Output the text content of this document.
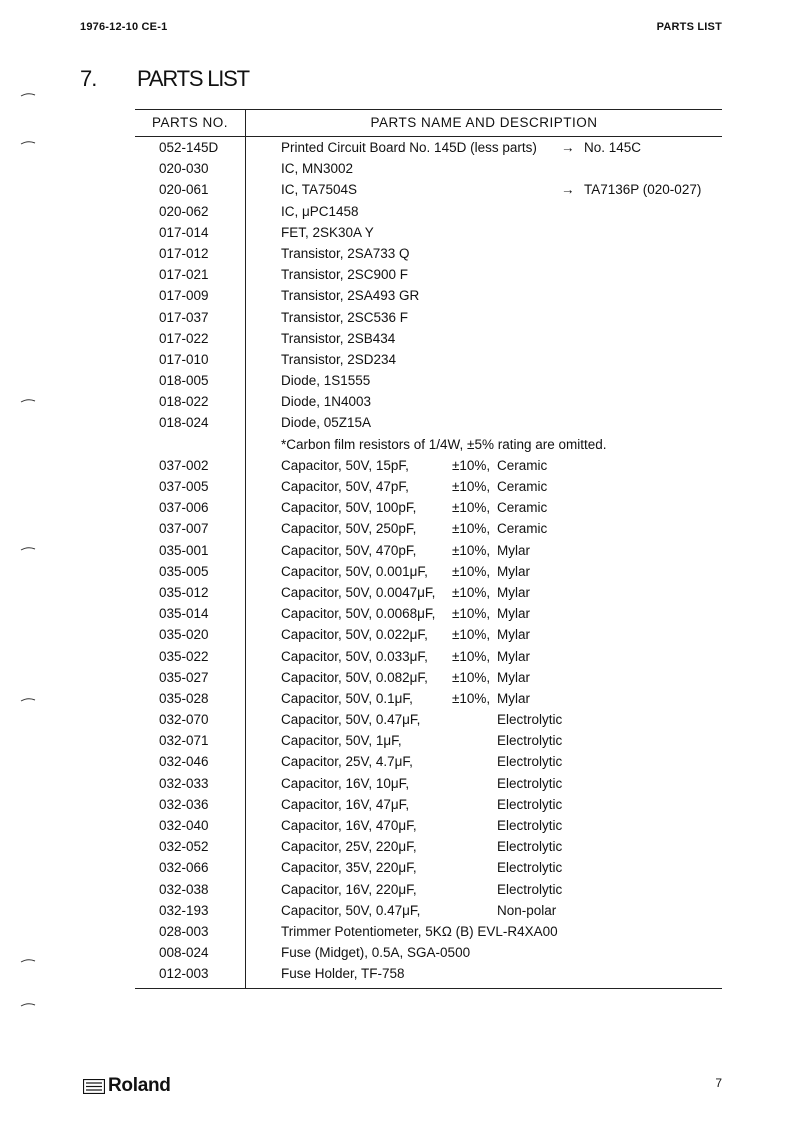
1976-12-10 CE-1	PARTS LIST
7. PARTS LIST
PARTS NO.	PARTS NAME AND DESCRIPTION
052-145D	Printed Circuit Board No. 145D (less parts) → No. 145C
020-030	IC, MN3002
020-061	IC, TA7504S	→ TA7136P (020-027)
020-062	IC, μPC1458
017-014	FET, 2SK30A Y
017-012	Transistor, 2SA733 Q
017-021	Transistor, 2SC900 F
017-009	Transistor, 2SA493 GR
017-037	Transistor, 2SC536 F
017-022	Transistor, 2SB434
017-010	Transistor, 2SD234
018-005	Diode, 1S1555
018-022	Diode, 1N4003
018-024	Diode, 05Z15A
*Carbon film resistors of 1/4W, ±5% rating are omitted.
037-002	Capacitor, 50V, 15pF,	±10%, Ceramic
037-005	Capacitor, 50V, 47pF,	±10%, Ceramic
037-006	Capacitor, 50V, 100pF,	±10%, Ceramic
037-007	Capacitor, 50V, 250pF,	±10%, Ceramic
035-001	Capacitor, 50V, 470pF,	±10%, Mylar
035-005	Capacitor, 50V, 0.001μF, ±10%, Mylar
035-012	Capacitor, 50V, 0.0047μF, ±10%, Mylar
035-014	Capacitor, 50V, 0.0068μF, ±10%, Mylar
035-020	Capacitor, 50V, 0.022μF, ±10%, Mylar
035-022	Capacitor, 50V, 0.033μF, ±10%, Mylar
035-027	Capacitor, 50V, 0.082μF, ±10%, Mylar
035-028	Capacitor, 50V, 0.1μF,	±10%, Mylar
032-070	Capacitor, 50V, 0.47μF,	Electrolytic
032-071	Capacitor, 50V, 1μF,	Electrolytic
032-046	Capacitor, 25V, 4.7μF,	Electrolytic
032-033	Capacitor, 16V, 10μF,	Electrolytic
032-036	Capacitor, 16V, 47μF,	Electrolytic
032-040	Capacitor, 16V, 470μF,	Electrolytic
032-052	Capacitor, 25V, 220μF,	Electrolytic
032-066	Capacitor, 35V, 220μF,	Electrolytic
032-038	Capacitor, 16V, 220μF,	Electrolytic
032-193	Capacitor, 50V, 0.47μF,	Non-polar
028-003	Trimmer Potentiometer, 5KΩ (B) EVL-R4XA00
008-024	Fuse (Midget), 0.5A, SGA-0500
012-003	Fuse Holder, TF-758
Roland	7
